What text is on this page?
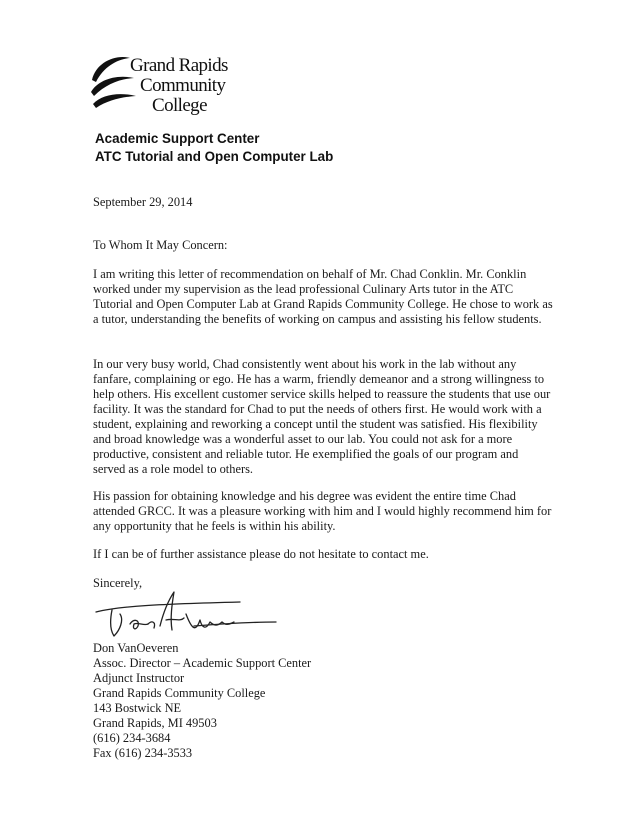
Grand Rapids
Community
College
Academic Support Center
ATC Tutorial and Open Computer Lab
September 29, 2014
To Whom It May Concern:

I am writing this letter of recommendation on behalf of Mr. Chad Conklin. Mr. Conklin worked under my supervision as the lead professional Culinary Arts tutor in the ATC Tutorial and Open Computer Lab at Grand Rapids Community College. He chose to work as a tutor, understanding the benefits of working on campus and assisting his fellow students.

In our very busy world, Chad consistently went about his work in the lab without any fanfare, complaining or ego. He has a warm, friendly demeanor and a strong willingness to help others. His excellent customer service skills helped to reassure the students that use our facility. It was the standard for Chad to put the needs of others first. He would work with a student, explaining and reworking a concept until the student was satisfied. His flexibility and broad knowledge was a wonderful asset to our lab. You could not ask for a more productive, consistent and reliable tutor. He exemplified the goals of our program and served as a role model to others.

His passion for obtaining knowledge and his degree was evident the entire time Chad attended GRCC. It was a pleasure working with him and I would highly recommend him for any opportunity that he feels is within his ability.

If I can be of further assistance please do not hesitate to contact me.

Sincerely,
Don VanOeveren
Assoc. Director – Academic Support Center
Adjunct Instructor
Grand Rapids Community College
143 Bostwick NE
Grand Rapids, MI 49503
(616) 234-3684
Fax (616) 234-3533
